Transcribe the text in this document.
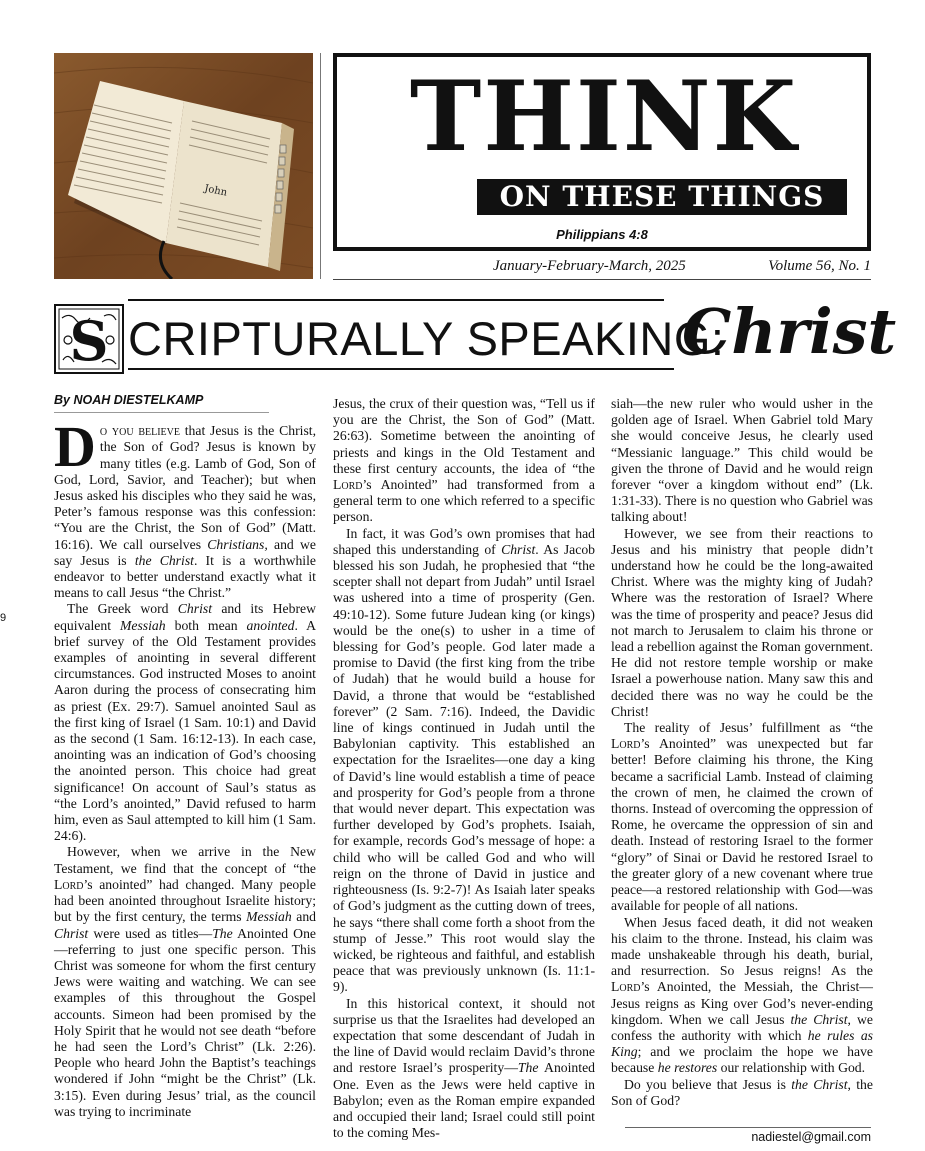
John
THINK
ON THESE THINGS
Philippians 4:8
January-February-March, 2025	Volume 56, No. 1
S CRIPTURALLY SPEAKING:
Christ
9
By NOAH DIESTELKAMP

Do you believe that Jesus is the Christ, the Son of God? Jesus is known by many titles (e.g. Lamb of God, Son of God, Lord, Savior, and Teacher); but when Jesus asked his disciples who they said he was, Peter’s famous response was this confession: “You are the Christ, the Son of God” (Matt. 16:16). We call ourselves Christians, and we say Jesus is the Christ. It is a worthwhile endeavor to better understand exactly what it means to call Jesus “the Christ.”

The Greek word Christ and its Hebrew equivalent Messiah both mean anointed. A brief survey of the Old Testament provides examples of anointing in several different circumstances. God instructed Moses to anoint Aaron during the process of consecrating him as priest (Ex. 29:7). Samuel anointed Saul as the first king of Israel (1 Sam. 10:1) and David as the second (1 Sam. 16:12-13). In each case, anointing was an indication of God’s choosing the anointed person. This choice had great significance! On account of Saul’s status as “the Lord’s anointed,” David refused to harm him, even as Saul attempted to kill him (1 Sam. 24:6).

However, when we arrive in the New Testament, we find that the concept of “the Lord’s anointed” had changed. Many people had been anointed throughout Israelite history; but by the first century, the terms Messiah and Christ were used as titles—The Anointed One—referring to just one specific person. This Christ was someone for whom the first century Jews were waiting and watching. We can see examples of this throughout the Gospel accounts. Simeon had been promised by the Holy Spirit that he would not see death “before he had seen the Lord’s Christ” (Lk. 2:26). People who heard John the Baptist’s teachings wondered if John “might be the Christ” (Lk. 3:15). Even during Jesus’ trial, as the council was trying to incriminate

Jesus, the crux of their question was, “Tell us if you are the Christ, the Son of God” (Matt. 26:63). Sometime between the anointing of priests and kings in the Old Testament and these first century accounts, the idea of “the Lord’s Anointed” had transformed from a general term to one which referred to a specific person.

In fact, it was God’s own promises that had shaped this understanding of Christ. As Jacob blessed his son Judah, he prophesied that “the scepter shall not depart from Judah” until Israel was ushered into a time of prosperity (Gen. 49:10-12). Some future Judean king (or kings) would be the one(s) to usher in a time of blessing for God’s people. God later made a promise to David (the first king from the tribe of Judah) that he would build a house for David, a throne that would be “established forever” (2 Sam. 7:16). Indeed, the Davidic line of kings continued in Judah until the Babylonian captivity. This established an expectation for the Israelites—one day a king of David’s line would establish a time of peace and prosperity for God’s people from a throne that would never depart. This expectation was further developed by God’s prophets. Isaiah, for example, records God’s message of hope: a child who will be called God and who will reign on the throne of David in justice and righteousness (Is. 9:2-7)! As Isaiah later speaks of God’s judgment as the cutting down of trees, he says “there shall come forth a shoot from the stump of Jesse.” This root would slay the wicked, be righteous and faithful, and establish peace that was previously unknown (Is. 11:1-9).

In this historical context, it should not surprise us that the Israelites had developed an expectation that some descendant of Judah in the line of David would reclaim David’s throne and restore Israel’s prosperity—The Anointed One. Even as the Jews were held captive in Babylon; even as the Roman empire expanded and occupied their land; Israel could still point to the coming Mes-

siah—the new ruler who would usher in the golden age of Israel. When Gabriel told Mary she would conceive Jesus, he clearly used “Messianic language.” This child would be given the throne of David and he would reign forever “over a kingdom without end” (Lk. 1:31-33). There is no question who Gabriel was talking about!

However, we see from their reactions to Jesus and his ministry that people didn’t understand how he could be the long-awaited Christ. Where was the mighty king of Judah? Where was the restoration of Israel? Where was the time of prosperity and peace? Jesus did not march to Jerusalem to claim his throne or lead a rebellion against the Roman government. He did not restore temple worship or make Israel a powerhouse nation. Many saw this and decided there was no way he could be the Christ!

The reality of Jesus’ fulfillment as “the Lord’s Anointed” was unexpected but far better! Before claiming his throne, the King became a sacrificial Lamb. Instead of claiming the crown of men, he claimed the crown of thorns. Instead of overcoming the oppression of Rome, he overcame the oppression of sin and death. Instead of restoring Israel to the former “glory” of Sinai or David he restored Israel to the greater glory of a new covenant where true peace—a restored relationship with God—was available for people of all nations.

When Jesus faced death, it did not weaken his claim to the throne. Instead, his claim was made unshakeable through his death, burial, and resurrection. So Jesus reigns! As the Lord’s Anointed, the Messiah, the Christ—Jesus reigns as King over God’s never-ending kingdom. When we call Jesus the Christ, we confess the authority with which he rules as King; and we proclaim the hope we have because he restores our relationship with God.

Do you believe that Jesus is the Christ, the Son of God?

nadiestel@gmail.com
